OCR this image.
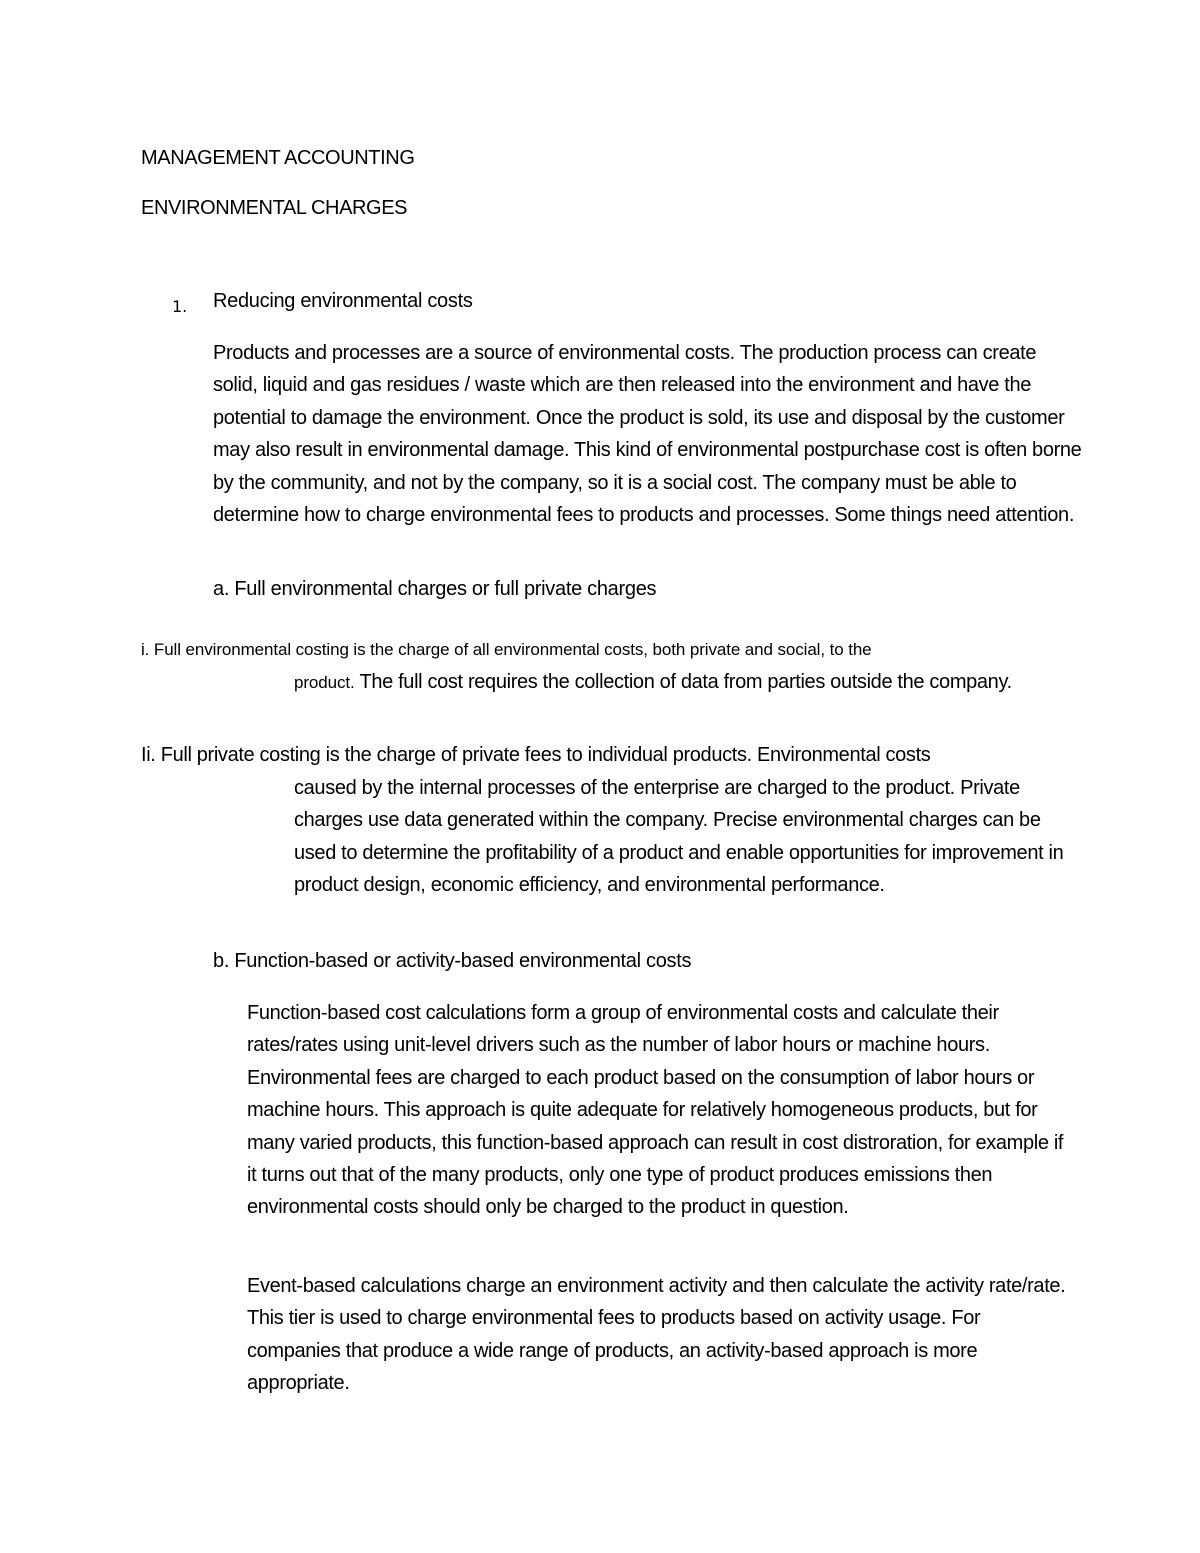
MANAGEMENT ACCOUNTING
ENVIRONMENTAL CHARGES
1. Reducing environmental costs

Products and processes are a source of environmental costs. The production process can create solid, liquid and gas residues / waste which are then released into the environment and have the potential to damage the environment. Once the product is sold, its use and disposal by the customer may also result in environmental damage. This kind of environmental postpurchase cost is often borne by the community, and not by the company, so it is a social cost. The company must be able to determine how to charge environmental fees to products and processes. Some things need attention.

a. Full environmental charges or full private charges
i. Full environmental costing is the charge of all environmental costs, both private and social, to the
product. The full cost requires the collection of data from parties outside the company.
Ii. Full private costing is the charge of private fees to individual products. Environmental costs
caused by the internal processes of the enterprise are charged to the product. Private charges use data generated within the company. Precise environmental charges can be used to determine the profitability of a product and enable opportunities for improvement in product design, economic efficiency, and environmental performance.
b. Function-based or activity-based environmental costs

Function-based cost calculations form a group of environmental costs and calculate their rates/rates using unit-level drivers such as the number of labor hours or machine hours. Environmental fees are charged to each product based on the consumption of labor hours or machine hours. This approach is quite adequate for relatively homogeneous products, but for many varied products, this function-based approach can result in cost distroration, for example if it turns out that of the many products, only one type of product produces emissions then environmental costs should only be charged to the product in question.

Event-based calculations charge an environment activity and then calculate the activity rate/rate. This tier is used to charge environmental fees to products based on activity usage. For companies that produce a wide range of products, an activity-based approach is more appropriate.
